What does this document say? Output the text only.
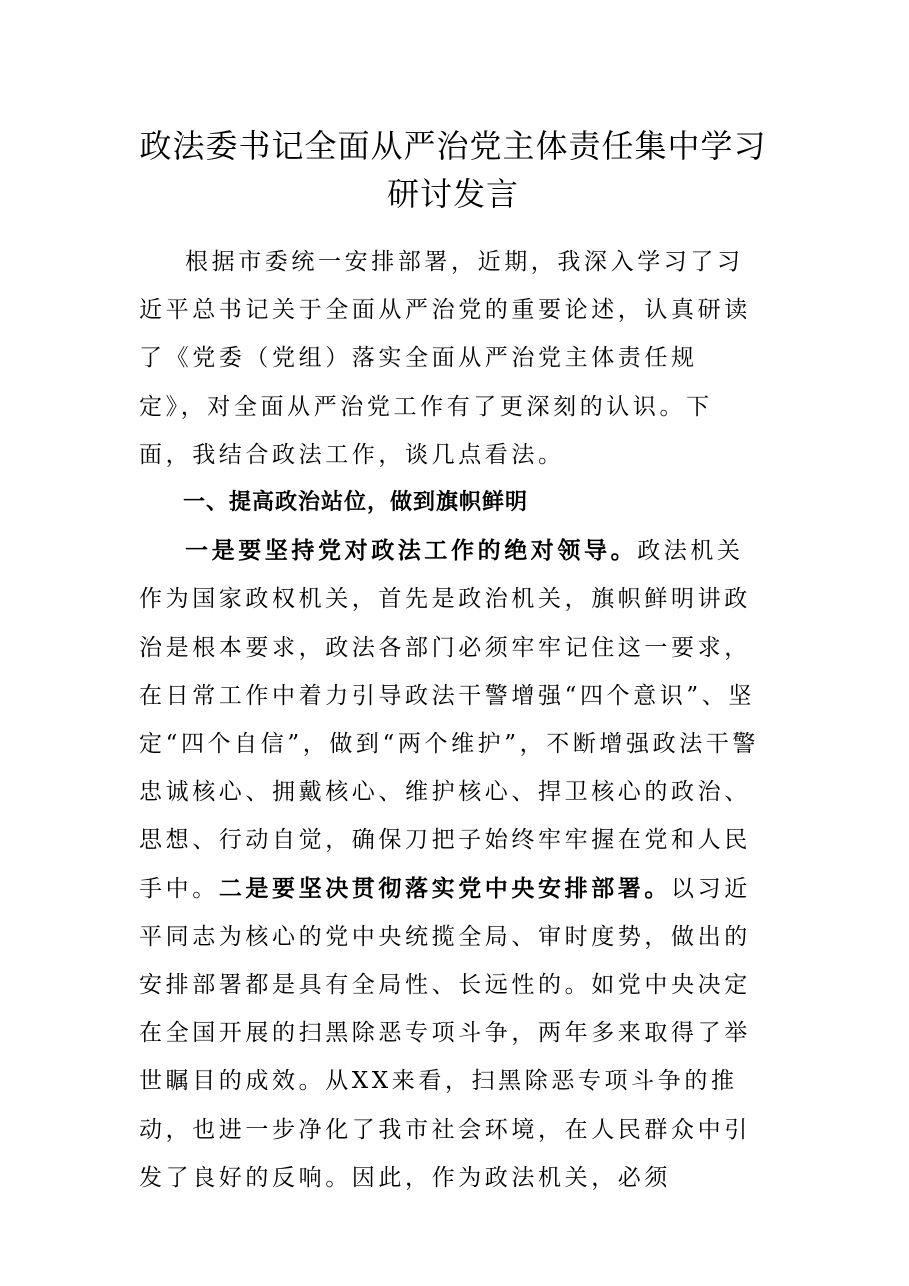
政法委书记全面从严治党主体责任集中学习研讨发言

根据市委统一安排部署，近期，我深入学习了习近平总书记关于全面从严治党的重要论述，认真研读了《党委（党组）落实全面从严治党主体责任规定》，对全面从严治党工作有了更深刻的认识。下面，我结合政法工作，谈几点看法。

一、提高政治站位，做到旗帜鲜明

一是要坚持党对政法工作的绝对领导。政法机关作为国家政权机关，首先是政治机关，旗帜鲜明讲政治是根本要求，政法各部门必须牢牢记住这一要求，在日常工作中着力引导政法干警增强“四个意识”、坚定“四个自信”，做到“两个维护”，不断增强政法干警忠诚核心、拥戴核心、维护核心、捍卫核心的政治、思想、行动自觉，确保刀把子始终牢牢握在党和人民手中。二是要坚决贯彻落实党中央安排部署。以习近平同志为核心的党中央统揽全局、审时度势，做出的安排部署都是具有全局性、长远性的。如党中央决定在全国开展的扫黑除恶专项斗争，两年多来取得了举世瞩目的成效。从XX来看，扫黑除恶专项斗争的推动，也进一步净化了我市社会环境，在人民群众中引发了良好的反响。因此，作为政法机关，必须
